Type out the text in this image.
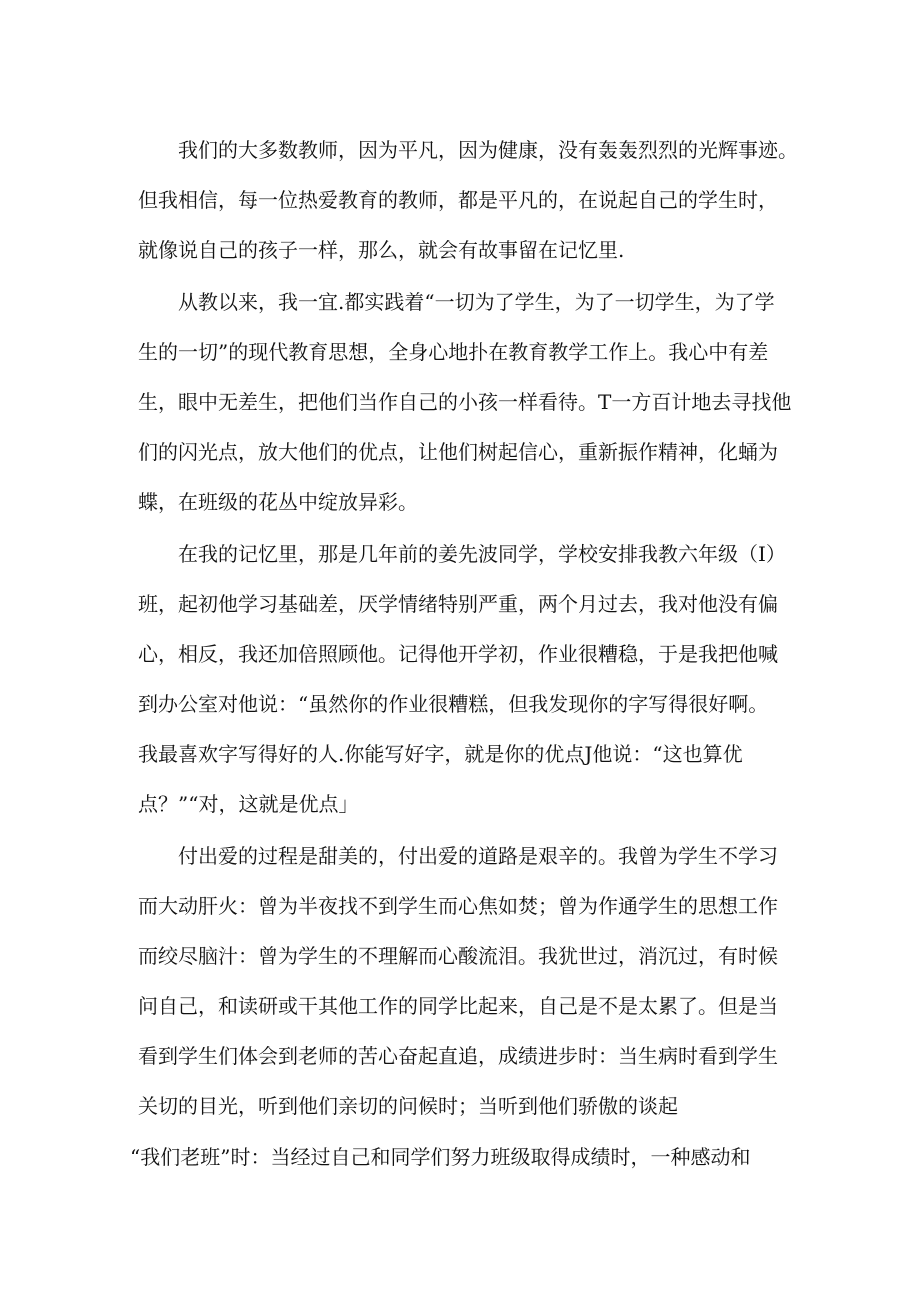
我们的大多数教师，因为平凡，因为健康，没有轰轰烈烈的光辉事迹。

但我相信，每一位热爱教育的教师，都是平凡的，在说起自己的学生时，

就像说自己的孩子一样，那么，就会有故事留在记忆里.

从教以来，我一宜.都实践着“一切为了学生，为了一切学生，为了学

生的一切”的现代教育思想，全身心地扑在教育教学工作上。我心中有差

生，眼中无差生，把他们当作自己的小孩一样看待。T一方百计地去寻找他

们的闪光点，放大他们的优点，让他们树起信心，重新振作精神，化蛹为

蝶，在班级的花丛中绽放异彩。

在我的记忆里，那是几年前的姜先波同学，学校安排我教六年级（I）

班，起初他学习基础差，厌学情绪特别严重，两个月过去，我对他没有偏

心，相反，我还加倍照顾他。记得他开学初，作业很糟稳，于是我把他喊

到办公室对他说：“虽然你的作业很糟糕，但我发现你的字写得很好啊。

我最喜欢字写得好的人.你能写好字，就是你的优点J他说：“这也算优

点？”“对，这就是优点」

付出爱的过程是甜美的，付出爱的道路是艰辛的。我曾为学生不学习

而大动肝火：曾为半夜找不到学生而心焦如焚；曾为作通学生的思想工作

而绞尽脑汁：曾为学生的不理解而心酸流泪。我犹世过，消沉过，有时候

问自己，和读研或干其他工作的同学比起来，自己是不是太累了。但是当

看到学生们体会到老师的苦心奋起直追，成绩进步时：当生病时看到学生

关切的目光，听到他们亲切的问候时；当听到他们骄傲的谈起

“我们老班”时：当经过自己和同学们努力班级取得成绩时，一种感动和
